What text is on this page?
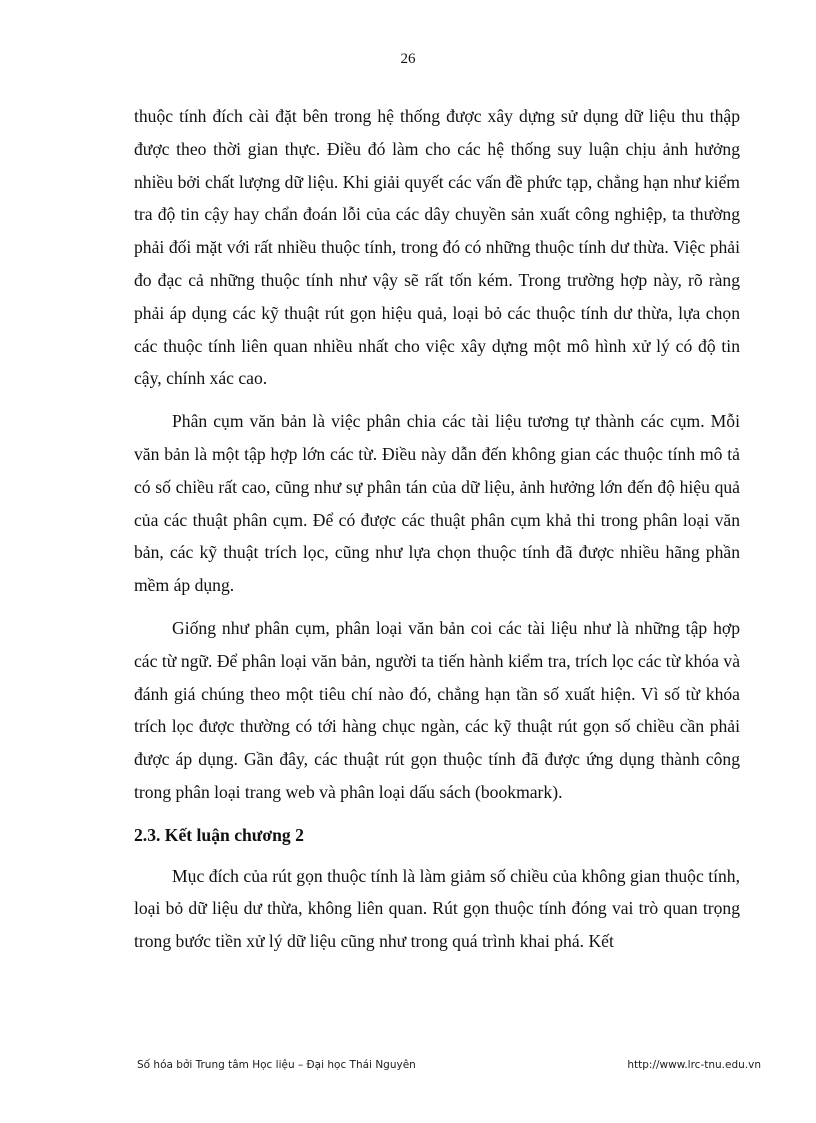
26

thuộc tính đích cài đặt bên trong hệ thống được xây dựng sử dụng dữ liệu thu thập được theo thời gian thực. Điều đó làm cho các hệ thống suy luận chịu ảnh hưởng nhiều bởi chất lượng dữ liệu. Khi giải quyết các vấn đề phức tạp, chẳng hạn như kiểm tra độ tin cậy hay chẩn đoán lỗi của các dây chuyền sản xuất công nghiệp, ta thường phải đối mặt với rất nhiều thuộc tính, trong đó có những thuộc tính dư thừa. Việc phải đo đạc cả những thuộc tính như vậy sẽ rất tốn kém. Trong trường hợp này, rõ ràng phải áp dụng các kỹ thuật rút gọn hiệu quả, loại bỏ các thuộc tính dư thừa, lựa chọn các thuộc tính liên quan nhiều nhất cho việc xây dựng một mô hình xử lý có độ tin cậy, chính xác cao.

Phân cụm văn bản là việc phân chia các tài liệu tương tự thành các cụm. Mỗi văn bản là một tập hợp lớn các từ. Điều này dẫn đến không gian các thuộc tính mô tả có số chiều rất cao, cũng như sự phân tán của dữ liệu, ảnh hưởng lớn đến độ hiệu quả của các thuật phân cụm. Để có được các thuật phân cụm khả thi trong phân loại văn bản, các kỹ thuật trích lọc, cũng như lựa chọn thuộc tính đã được nhiều hãng phần mềm áp dụng.

Giống như phân cụm, phân loại văn bản coi các tài liệu như là những tập hợp các từ ngữ. Để phân loại văn bản, người ta tiến hành kiểm tra, trích lọc các từ khóa và đánh giá chúng theo một tiêu chí nào đó, chẳng hạn tần số xuất hiện. Vì số từ khóa trích lọc được thường có tới hàng chục ngàn, các kỹ thuật rút gọn số chiều cần phải được áp dụng. Gần đây, các thuật rút gọn thuộc tính đã được ứng dụng thành công trong phân loại trang web và phân loại dấu sách (bookmark).

2.3. Kết luận chương 2

Mục đích của rút gọn thuộc tính là làm giảm số chiều của không gian thuộc tính, loại bỏ dữ liệu dư thừa, không liên quan. Rút gọn thuộc tính đóng vai trò quan trọng trong bước tiền xử lý dữ liệu cũng như trong quá trình khai phá. Kết

Số hóa bởi Trung tâm Học liệu – Đại học Thái Nguyên	http://www.lrc-tnu.edu.vn
